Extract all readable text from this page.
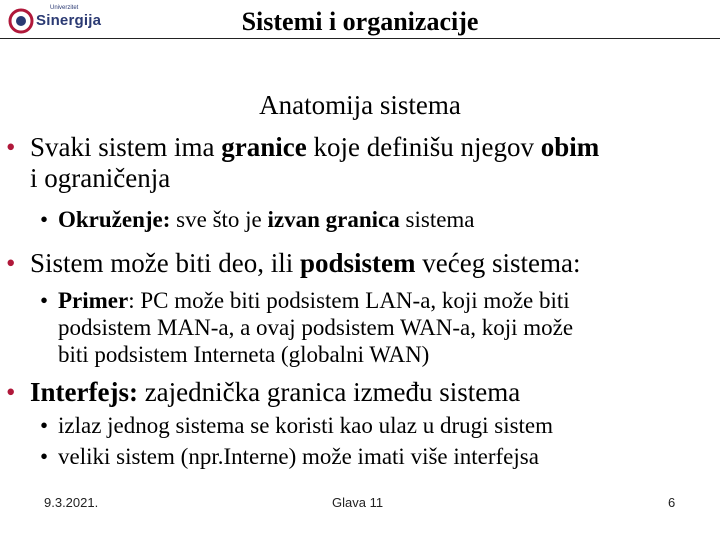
Univerzitet
Sinergija	Sistemi i organizacije
Anatomija sistema
• Svaki sistem ima granice koje definišu njegov obim
i ograničenja
• Okruženje: sve što je izvan granica sistema
• Sistem može biti deo, ili podsistem većeg sistema:
• Primer: PC može biti podsistem LAN-a, koji može biti
podsistem MAN-a, a ovaj podsistem WAN-a, koji može
biti podsistem Interneta (globalni WAN)
• Interfejs: zajednička granica između sistema
• izlaz jednog sistema se koristi kao ulaz u drugi sistem
• veliki sistem (npr.Interne) može imati više interfejsa
9.3.2021.	Glava 11	6
